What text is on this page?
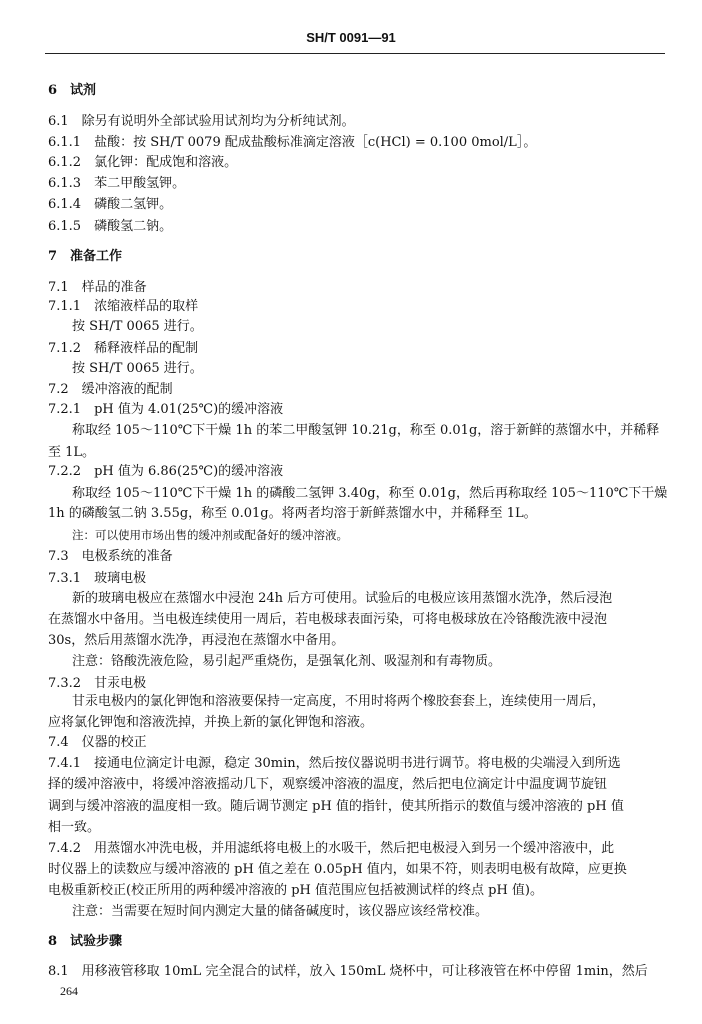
SH/T 0091—91
6　试剂
6.1　除另有说明外全部试验用试剂均为分析纯试剂。
6.1.1　盐酸：按 SH/T 0079 配成盐酸标准滴定溶液［c(HCl) = 0.100 0mol/L］。
6.1.2　氯化钾：配成饱和溶液。
6.1.3　苯二甲酸氢钾。
6.1.4　磷酸二氢钾。
6.1.5　磷酸氢二钠。
7　准备工作
7.1　样品的准备
7.1.1　浓缩液样品的取样
按 SH/T 0065 进行。
7.1.2　稀释液样品的配制
按 SH/T 0065 进行。
7.2　缓冲溶液的配制
7.2.1　pH 值为 4.01(25℃)的缓冲溶液
称取经 105～110℃下干燥 1h 的苯二甲酸氢钾 10.21g，称至 0.01g，溶于新鲜的蒸馏水中，并稀释
至 1L。
7.2.2　pH 值为 6.86(25℃)的缓冲溶液
称取经 105～110℃下干燥 1h 的磷酸二氢钾 3.40g，称至 0.01g，然后再称取经 105～110℃下干燥
1h 的磷酸氢二钠 3.55g，称至 0.01g。将两者均溶于新鲜蒸馏水中，并稀释至 1L。
注：可以使用市场出售的缓冲剂或配备好的缓冲溶液。
7.3　电极系统的准备
7.3.1　玻璃电极
新的玻璃电极应在蒸馏水中浸泡 24h 后方可使用。试验后的电极应该用蒸馏水洗净，然后浸泡
在蒸馏水中备用。当电极连续使用一周后，若电极球表面污染，可将电极球放在冷铬酸洗液中浸泡
30s，然后用蒸馏水洗净，再浸泡在蒸馏水中备用。
注意：铬酸洗液危险，易引起严重烧伤，是强氧化剂、吸湿剂和有毒物质。
7.3.2　甘汞电极
甘汞电极内的氯化钾饱和溶液要保持一定高度，不用时将两个橡胶套套上，连续使用一周后，
应将氯化钾饱和溶液洗掉，并换上新的氯化钾饱和溶液。
7.4　仪器的校正
7.4.1　接通电位滴定计电源，稳定 30min，然后按仪器说明书进行调节。将电极的尖端浸入到所选
择的缓冲溶液中，将缓冲溶液摇动几下，观察缓冲溶液的温度，然后把电位滴定计中温度调节旋钮
调到与缓冲溶液的温度相一致。随后调节测定 pH 值的指针，使其所指示的数值与缓冲溶液的 pH 值
相一致。
7.4.2　用蒸馏水冲洗电极，并用滤纸将电极上的水吸干，然后把电极浸入到另一个缓冲溶液中，此
时仪器上的读数应与缓冲溶液的 pH 值之差在 0.05pH 值内，如果不符，则表明电极有故障，应更换
电极重新校正(校正所用的两种缓冲溶液的 pH 值范围应包括被测试样的终点 pH 值)。
注意：当需要在短时间内测定大量的储备碱度时，该仪器应该经常校准。
8　试验步骤
8.1　用移液管移取 10mL 完全混合的试样，放入 150mL 烧杯中，可让移液管在杯中停留 1min，然后
264
